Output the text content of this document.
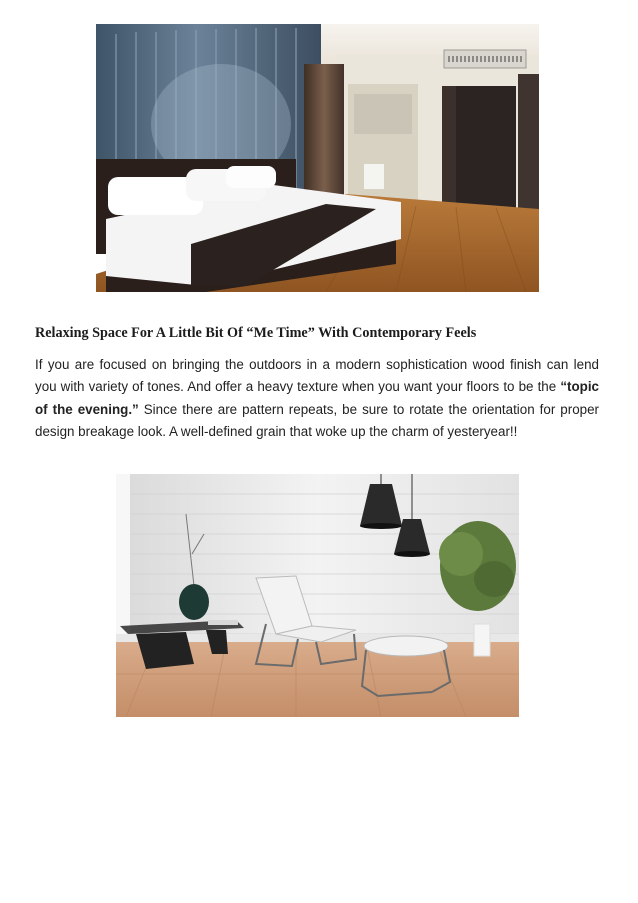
Relaxing Space For A Little Bit Of “Me Time” With Contemporary Feels

If you are focused on bringing the outdoors in a modern sophistication wood finish can lend you with variety of tones. And offer a heavy texture when you want your floors to be the “topic of the evening.” Since there are pattern repeats, be sure to rotate the orientation for proper design breakage look. A well-defined grain that woke up the charm of yesteryear!!
